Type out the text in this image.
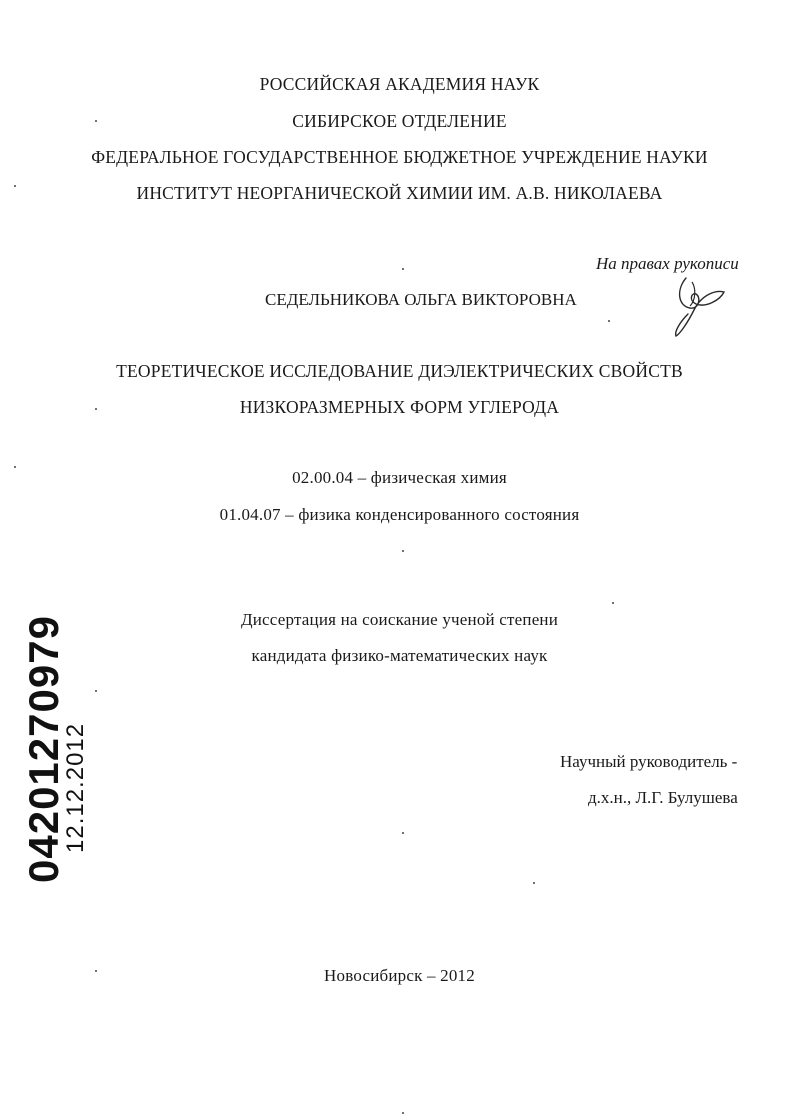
РОССИЙСКАЯ АКАДЕМИЯ НАУК
СИБИРСКОЕ ОТДЕЛЕНИЕ
ФЕДЕРАЛЬНОЕ ГОСУДАРСТВЕННОЕ БЮДЖЕТНОЕ УЧРЕЖДЕНИЕ НАУКИ
ИНСТИТУТ НЕОРГАНИЧЕСКОЙ ХИМИИ ИМ. А.В. НИКОЛАЕВА
На правах рукописи
СЕДЕЛЬНИКОВА ОЛЬГА ВИКТОРОВНА
ТЕОРЕТИЧЕСКОЕ ИССЛЕДОВАНИЕ ДИЭЛЕКТРИЧЕСКИХ СВОЙСТВ
НИЗКОРАЗМЕРНЫХ ФОРМ УГЛЕРОДА
02.00.04 – физическая химия
01.04.07 – физика конденсированного состояния
Диссертация на соискание ученой степени
кандидата физико-математических наук
Научный руководитель -
д.х.н., Л.Г. Булушева
Новосибирск – 2012
04201270979
12.12.2012
